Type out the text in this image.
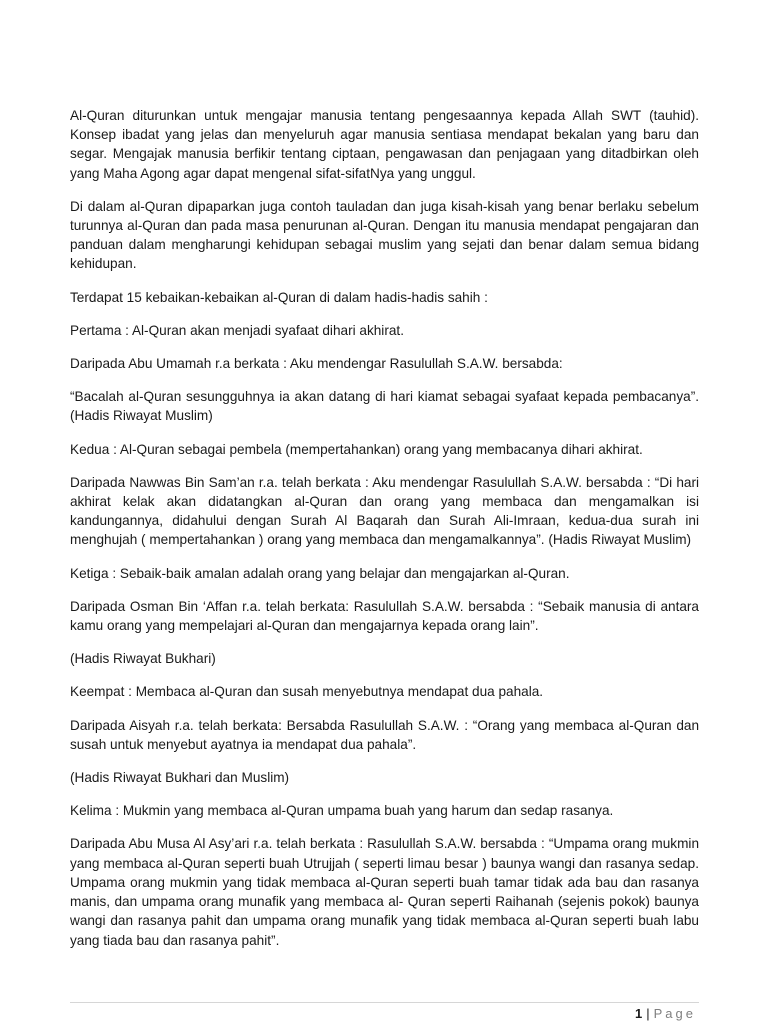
Al-Quran diturunkan untuk mengajar manusia tentang pengesaannya kepada Allah SWT (tauhid). Konsep ibadat yang jelas dan menyeluruh agar manusia sentiasa mendapat bekalan yang baru dan segar. Mengajak manusia berfikir tentang ciptaan, pengawasan dan penjagaan yang ditadbirkan oleh yang Maha Agong agar dapat mengenal sifat-sifatNya yang unggul.

Di dalam al-Quran dipaparkan juga contoh tauladan dan juga kisah-kisah yang benar berlaku sebelum turunnya al-Quran dan pada masa penurunan al-Quran. Dengan itu manusia mendapat pengajaran dan panduan dalam mengharungi kehidupan sebagai muslim yang sejati dan benar dalam semua bidang kehidupan.

Terdapat 15 kebaikan-kebaikan al-Quran di dalam hadis-hadis sahih :

Pertama : Al-Quran akan menjadi syafaat dihari akhirat.

Daripada Abu Umamah r.a berkata : Aku mendengar Rasulullah S.A.W. bersabda:

“Bacalah al-Quran sesungguhnya ia akan datang di hari kiamat sebagai syafaat kepada pembacanya”. (Hadis Riwayat Muslim)

Kedua : Al-Quran sebagai pembela (mempertahankan) orang yang membacanya dihari akhirat.

Daripada Nawwas Bin Sam’an r.a. telah berkata : Aku mendengar Rasulullah S.A.W. bersabda : “Di hari akhirat kelak akan didatangkan al-Quran dan orang yang membaca dan mengamalkan isi kandungannya, didahului dengan Surah Al Baqarah dan Surah Ali-Imraan, kedua-dua surah ini menghujah ( mempertahankan ) orang yang membaca dan mengamalkannya”. (Hadis Riwayat Muslim)

Ketiga : Sebaik-baik amalan adalah orang yang belajar dan mengajarkan al-Quran.

Daripada Osman Bin ‘Affan r.a. telah berkata: Rasulullah S.A.W. bersabda : “Sebaik manusia di antara kamu orang yang mempelajari al-Quran dan mengajarnya kepada orang lain”.

(Hadis Riwayat Bukhari)

Keempat : Membaca al-Quran dan susah menyebutnya mendapat dua pahala.

Daripada Aisyah r.a. telah berkata: Bersabda Rasulullah S.A.W. : “Orang yang membaca al-Quran dan susah untuk menyebut ayatnya ia mendapat dua pahala”.

(Hadis Riwayat Bukhari dan Muslim)

Kelima : Mukmin yang membaca al-Quran umpama buah yang harum dan sedap rasanya.

Daripada Abu Musa Al Asy’ari r.a. telah berkata : Rasulullah S.A.W. bersabda : “Umpama orang mukmin yang membaca al-Quran seperti buah Utrujjah ( seperti limau besar ) baunya wangi dan rasanya sedap. Umpama orang mukmin yang tidak membaca al-Quran seperti buah tamar tidak ada bau dan rasanya manis, dan umpama orang munafik yang membaca al- Quran seperti Raihanah (sejenis pokok) baunya wangi dan rasanya pahit dan umpama orang munafik yang tidak membaca al-Quran seperti buah labu yang tiada bau dan rasanya pahit”.

1 | Page
